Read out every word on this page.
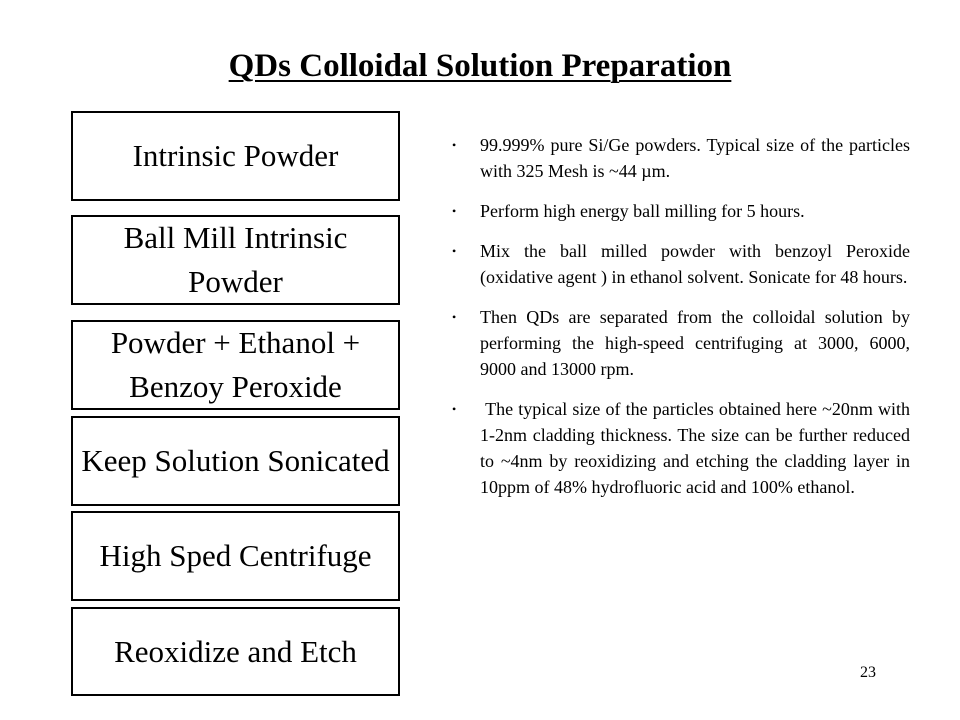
QDs Colloidal Solution Preparation
Intrinsic Powder
Ball Mill Intrinsic Powder
Powder + Ethanol + Benzoy Peroxide
Keep Solution Sonicated
High Sped Centrifuge
Reoxidize and Etch
• 99.999% pure Si/Ge powders. Typical size of the particles with 325 Mesh is ~44 µm.
• Perform high energy ball milling for 5 hours.
• Mix the ball milled powder with benzoyl Peroxide (oxidative agent ) in ethanol solvent. Sonicate for 48 hours.
• Then QDs are separated from the colloidal solution by performing the high-speed centrifuging at 3000, 6000, 9000 and 13000 rpm.
• The typical size of the particles obtained here ~20nm with 1-2nm cladding thickness. The size can be further reduced to ~4nm by reoxidizing and etching the cladding layer in 10ppm of 48% hydrofluoric acid and 100% ethanol.
23
